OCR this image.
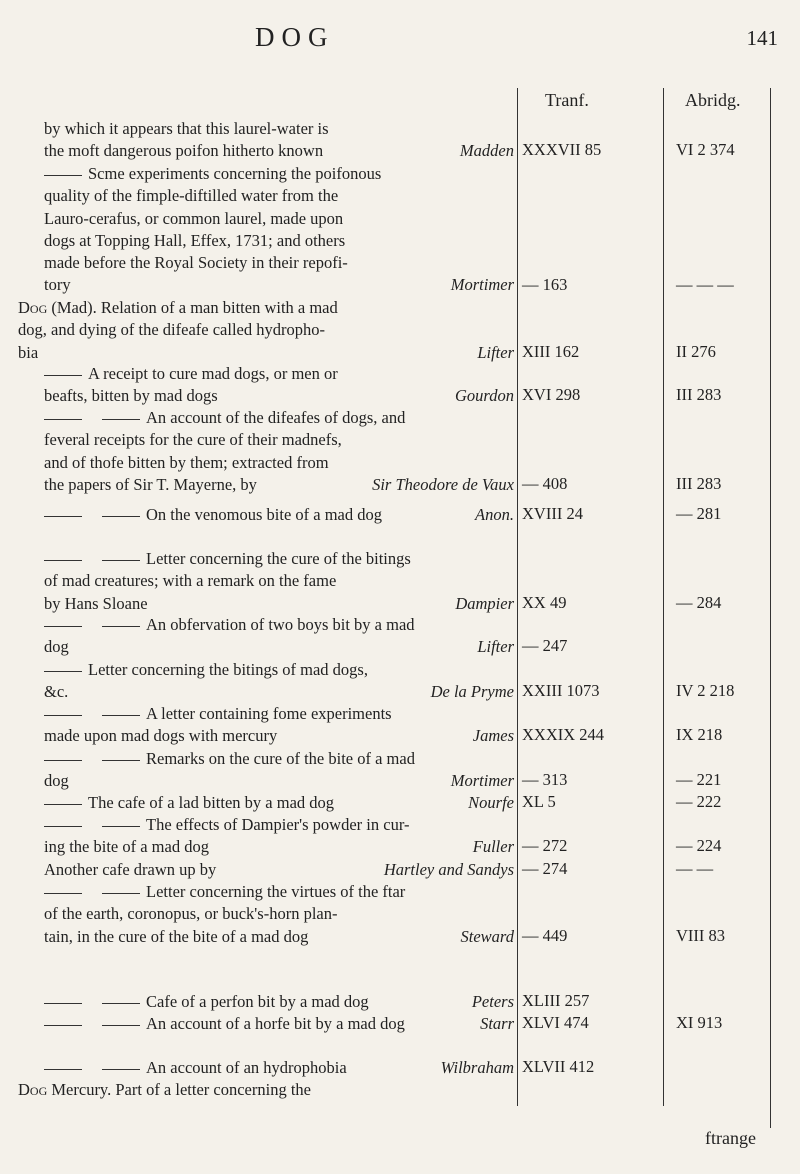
DOG	141
Tranf.	Abridg.
by which it appears that this laurel-water is
the moft dangerous poifon hitherto known	Madden XXXVII 85	VI 2 374
Scme experiments concerning the poifonous
quality of the fimple-diftilled water from the
Lauro-cerafus, or common laurel, made upon
dogs at Topping Hall, Effex, 1731; and others
made before the Royal Society in their repofi-
tory	Mortimer — 163	— — —
Dog (Mad). Relation of a man bitten with a mad
dog, and dying of the difeafe called hydropho-
bia	Lifter XIII 162	II 276
A receipt to cure mad dogs, or men or
beafts, bitten by mad dogs	Gourdon XVI 298	III 283
An account of the difeafes of dogs, and
feveral receipts for the cure of their madnefs,
and of thofe bitten by them; extracted from
the papers of Sir T. Mayerne, by	Sir Theodore de Vaux — 408	III 283
On the venomous bite of a mad dog	Anon. XVIII 24	— 281
Letter concerning the cure of the bitings
of mad creatures; with a remark on the fame
by Hans Sloane	Dampier XX 49	— 284
An obfervation of two boys bit by a mad
dog	Lifter — 247
Letter concerning the bitings of mad dogs,
&c.	De la Pryme XXIII 1073	IV 2 218
A letter containing fome experiments
made upon mad dogs with mercury	James XXXIX 244	IX 218
Remarks on the cure of the bite of a mad
dog	Mortimer — 313	— 221
The cafe of a lad bitten by a mad dog	Nourfe XL 5	— 222
The effects of Dampier's powder in cur-
ing the bite of a mad dog	Fuller — 272	— 224
Another cafe drawn up by	Hartley and Sandys — 274	— —
Letter concerning the virtues of the ftar
of the earth, coronopus, or buck's-horn plan-
tain, in the cure of the bite of a mad dog	Steward — 449	VIII 83
Cafe of a perfon bit by a mad dog	Peters XLIII 257
An account of a horfe bit by a mad dog	Starr XLVI 474	XI 913
An account of an hydrophobia	Wilbraham XLVII 412
Dog Mercury. Part of a letter concerning the
ftrange
